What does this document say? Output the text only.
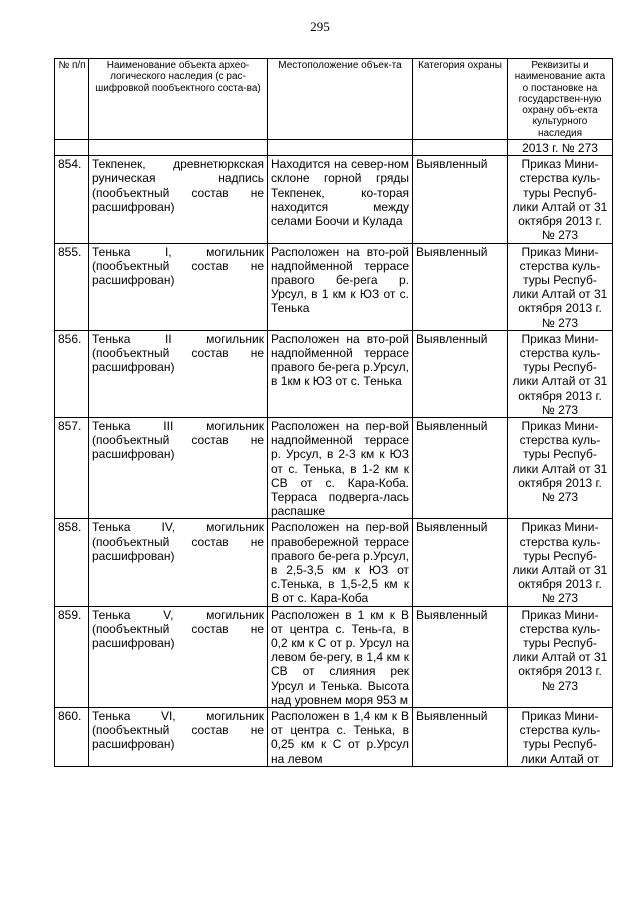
295
№ п/п	Наименование объекта архео-логического наследия (с рас-шифровкой пообъектного соста-ва)	Местоположение объек-та	Категория охраны	Реквизиты и наименование акта о постановке на государствен-ную охрану объ-екта культурного наследия
				2013 г. № 273
854.	Текпенек, древнетюркская руническая надпись (пообъектный состав не расшифрован)	Находится на север-ном склоне горной гряды Текпенек, ко-торая находится между селами Боочи и Кулада	Выявленный	Приказ Мини-стерства куль-туры Респуб-лики Алтай от 31 октября 2013 г. № 273
855.	Тенька I, могильник (пообъектный состав не расшифрован)	Расположен на вто-рой надпойменной террасе правого бе-рега р. Урсул, в 1 км к ЮЗ от с. Тенька	Выявленный	Приказ Мини-стерства куль-туры Респуб-лики Алтай от 31 октября 2013 г. № 273
856.	Тенька II могильник (пообъектный состав не расшифрован)	Расположен на вто-рой надпойменной террасе правого бе-рега р.Урсул, в 1км к ЮЗ от с. Тенька	Выявленный	Приказ Мини-стерства куль-туры Респуб-лики Алтай от 31 октября 2013 г. № 273
857.	Тенька III могильник (пообъектный состав не расшифрован)	Расположен на пер-вой надпойменной террасе р. Урсул, в 2-3 км к ЮЗ от с. Тенька, в 1-2 км к СВ от с. Кара-Коба. Терраса подверга-лась распашке	Выявленный	Приказ Мини-стерства куль-туры Респуб-лики Алтай от 31 октября 2013 г. № 273
858.	Тенька IV, могильник (пообъектный состав не расшифрован)	Расположен на пер-вой правобережной террасе правого бе-рега р.Урсул, в 2,5-3,5 км к ЮЗ от с.Тенька, в 1,5-2,5 км к В от с. Кара-Коба	Выявленный	Приказ Мини-стерства куль-туры Респуб-лики Алтай от 31 октября 2013 г. № 273
859.	Тенька V, могильник (пообъектный состав не расшифрован)	Расположен в 1 км к В от центра с. Тень-га, в 0,2 км к С от р. Урсул на левом бе-регу, в 1,4 км к СВ от слияния рек Урсул и Тенька. Высота над уровнем моря 953 м	Выявленный	Приказ Мини-стерства куль-туры Респуб-лики Алтай от 31 октября 2013 г. № 273
860.	Тенька VI, могильник (пообъектный состав не расшифрован)	Расположен в 1,4 км к В от центра с. Тенька, в 0,25 км к С от р.Урсул на левом	Выявленный	Приказ Мини-стерства куль-туры Респуб-лики Алтай от
